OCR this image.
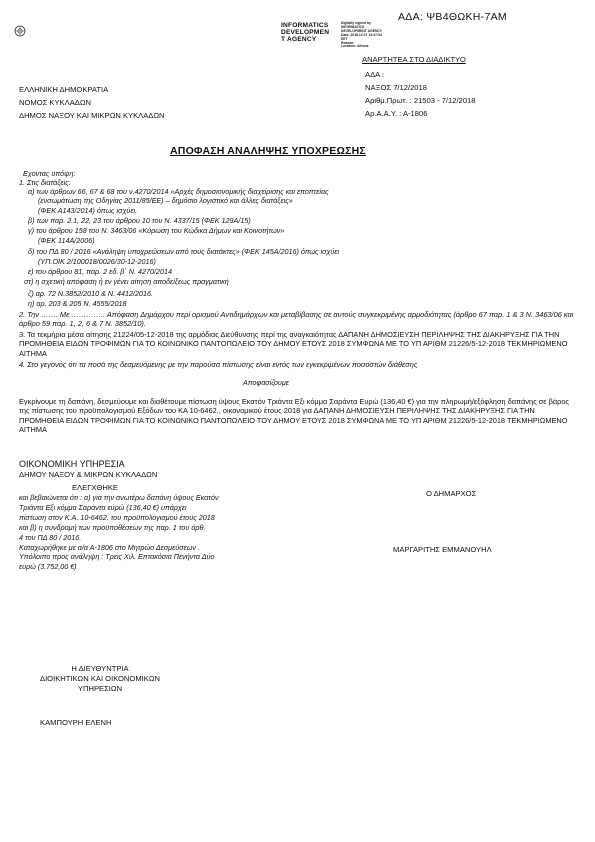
ΑΔΑ: ΨΒ4ΘΩΚΗ-7ΑΜ
INFORMATICS
DEVELOPMEN
T AGENCY
Digitally signed by
INFORMATICS
DEVELOPMENT AGENCY
Date: 2018.12.07 13:47:54
EET
Reason:
Location: Athens
ΑΝΑΡΤΗΤΕΑ ΣΤΟ ΔΙΑΔΙΚΤΥΟ
ΑΔΑ :
ΝΑΞΟΣ 7/12/2018
Αριθμ.Πρωτ. : 21503 - 7/12/2018
Αρ.Α.Α.Υ. : Α-1806
ΕΛΛΗΝΙΚΗ ΔΗΜΟΚΡΑΤΙΑ
ΝΟΜΟΣ ΚΥΚΛΑΔΩΝ
ΔΗΜΟΣ ΝΑΞΟΥ ΚΑΙ ΜΙΚΡΩΝ ΚΥΚΛΑΔΩΝ
ΑΠΟΦΑΣΗ ΑΝΑΛΗΨΗΣ ΥΠΟΧΡΕΩΣΗΣ
Εχοντας υπόψη:
1. Στις διατάξεις:
α) των άρθρων 66, 67 & 68 του ν.4270/2014 «Αρχές δημοσιονομικής διαχείρισης και εποπτείας
(ενσωμάτωση της Οδηγίας 2011/85/ΕΕ) – δημόσιο λογιστικό και άλλες διατάξεις»
(ΦΕΚ Α143/2014) όπως ισχύει,
β) των παρ. 2.1, 22, 23 του άρθρου 10 του Ν. 4337/15 (ΦΕΚ 129Α/15)
γ) του άρθρου 158 του Ν. 3463/06 «Κύρωση του Κώδικα Δήμων και Κοινοτήτων»
(ΦΕΚ 114Α/2006)
δ) του ΠΔ 80 / 2016 «Ανάληψη υποχρεώσεων από τους διατάκτες» (ΦΕΚ 145Α/2016) όπως ισχύει
(ΥΠ.ΟΙΚ 2/100018/0026/30-12-2016)
ε) του άρθρου 81, παρ. 2 εδ. β΄ Ν. 4270/2014
στ) η σχετική απόφαση ή εν γένει αίτηση αποδείξεως πραγματική
ζ) αρ. 72 Ν.3852/2010 & Ν. 4412/2016.
η) αρ. 203 & 205 Ν. 4555/2018
2. Την ……. Με ………….. Απόφαση Δημάρχου περί ορισμού Αντιδημάρχων και μεταβίβασης σε αυτούς συγκεκριμένης αρμοδιότητας (άρθρο 67 παρ. 1 & 3 Ν. 3463/06 και άρθρο 59 παρ. 1, 2, 6 & 7 Ν. 3852/10).
3. Τα τεκμήρια μέσα αίτησης 21224/05-12-2018 της αρμόδιας Διεύθυνσης περί της αναγκαιότητας ΔΑΠΑΝΗ ΔΗΜΟΣΙΕΥΣΗ ΠΕΡΙΛΗΨΗΣ ΤΗΣ ΔΙΑΚΗΡΥΞΗΣ ΓΙΑ ΤΗΝ ΠΡΟΜΗΘΕΙΑ ΕΙΔΩΝ ΤΡΟΦΙΜΩΝ ΓΙΑ ΤΟ ΚΟΙΝΩΝΙΚΟ ΠΑΝΤΟΠΩΛΕΙΟ ΤΟΥ ΔΗΜΟΥ ΕΤΟΥΣ 2018 ΣΥΜΦΩΝΑ ΜΕ ΤΟ ΥΠ ΑΡΙΘΜ 21226/5-12-2018 ΤΕΚΜΗΡΙΩΜΕΝΟ ΑΙΤΗΜΑ
4. Στο γεγονός ότι τα ποσά της δεσμευόμενης με την παρούσα πίστωσης είναι εντός των εγκεκριμένων ποσοστών διάθεσης
Αποφασίζουμε
Εγκρίνουμε τη δαπάνη, δεσμεύουμε και διαθέτουμε πίστωση ύψους Εκατόν Τριάντα Εξι κόμμα Σαράντα Ευρώ (136,40 €) για την πληρωμή/εξόφληση δαπάνης σε βάρος της πίστωσης του προϋπολογισμού Εξόδων του ΚΑ 10-6462., οικονομικού έτους 2018 για ΔΑΠΑΝΗ ΔΗΜΟΣΙΕΥΣΗ ΠΕΡΙΛΗΨΗΣ ΤΗΣ ΔΙΑΚΗΡΥΞΗΣ ΓΙΑ ΤΗΝ ΠΡΟΜΗΘΕΙΑ ΕΙΔΩΝ ΤΡΟΦΙΜΩΝ ΓΙΑ ΤΟ ΚΟΙΝΩΝΙΚΟ ΠΑΝΤΟΠΩΛΕΙΟ ΤΟΥ ΔΗΜΟΥ ΕΤΟΥΣ 2018 ΣΥΜΦΩΝΑ ΜΕ ΤΟ ΥΠ ΑΡΙΘΜ 21226/5-12-2018 ΤΕΚΜΗΡΙΩΜΕΝΟ ΑΙΤΗΜΑ
ΟΙΚΟΝΟΜΙΚΗ ΥΠΗΡΕΣΙΑ
ΔΗΜΟΥ ΝΑΞΟΥ & ΜΙΚΡΩΝ ΚΥΚΛΑΔΩΝ
ΕΛΕΓΧΘΗΚΕ
και βεβαιώνεται ότι : α) για την ανωτέρω δαπάνη ύψους Εκατόν
Τριάντα Εξι κόμμα Σαράντα ευρώ (136,40 €) υπάρχει
πίστωση στον Κ.Α. 10-6462. του προϋπολογισμού έτους 2018
και β) η συνδρομή των προϋποθέσεων της παρ. 1 του άρθ.
4 του ΠΔ 80 / 2016.
Καταχωρήθηκε με α/α Α-1806 στο Μητρώο Δεσμεύσεων .
Υπόλοιπο προς ανάληψη : Τρεις Χιλ. Επτακόσια Πενήντα Δύο
ευρώ (3.752,00 €)
Ο ΔΗΜΑΡΧΟΣ
ΜΑΡΓΑΡΙΤΗΣ ΕΜΜΑΝΟΥΗΛ
Η ΔΙΕΥΘΥΝΤΡΙΑ
ΔΙΟΙΚΗΤΙΚΩΝ ΚΑΙ ΟΙΚΟΝΟΜΙΚΩΝ
ΥΠΗΡΕΣΙΩΝ
ΚΑΜΠΟΥΡΗ ΕΛΕΝΗ
